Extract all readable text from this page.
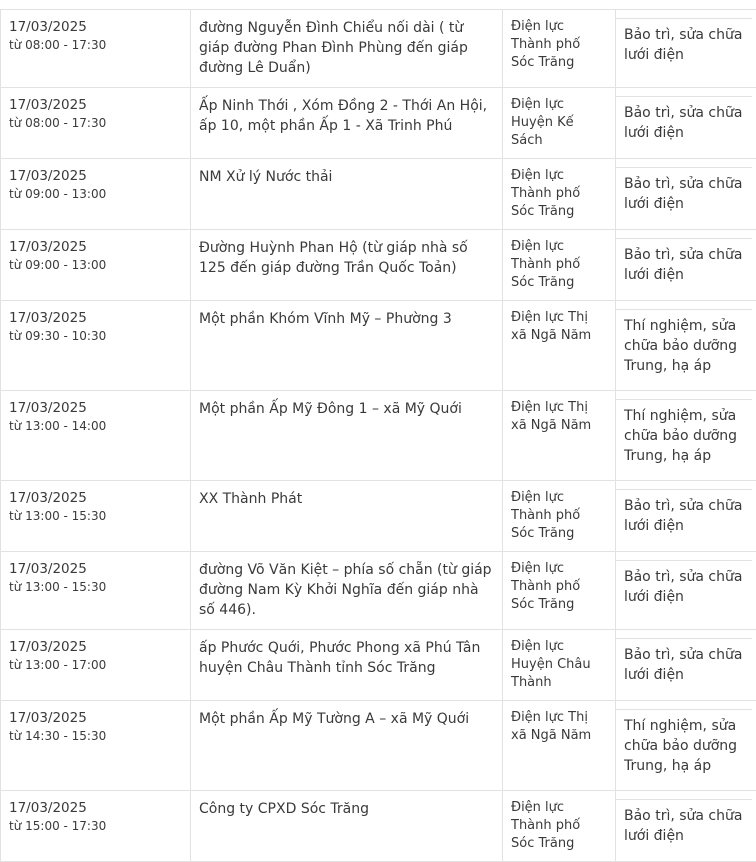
17/03/2025
từ 08:00 - 17:30	đường Nguyễn Đình Chiểu nối dài ( từ giáp đường Phan Đình Phùng đến giáp đường Lê Duẩn)	Điện lực Thành phố Sóc Trăng	Bảo trì, sửa chữa lưới điện

17/03/2025
từ 08:00 - 17:30	Ấp Ninh Thới , Xóm Đồng 2 - Thới An Hội, ấp 10, một phần Ấp 1 - Xã Trinh Phú	Điện lực Huyện Kế Sách	Bảo trì, sửa chữa lưới điện

17/03/2025
từ 09:00 - 13:00	NM Xử lý Nước thải	Điện lực Thành phố Sóc Trăng	Bảo trì, sửa chữa lưới điện

17/03/2025
từ 09:00 - 13:00	Đường Huỳnh Phan Hộ (từ giáp nhà số 125 đến giáp đường Trần Quốc Toản)	Điện lực Thành phố Sóc Trăng	Bảo trì, sửa chữa lưới điện

17/03/2025
từ 09:30 - 10:30	Một phần Khóm Vĩnh Mỹ – Phường 3	Điện lực Thị xã Ngã Năm	Thí nghiệm, sửa chữa bảo dưỡng Trung, hạ áp

17/03/2025
từ 13:00 - 14:00	Một phần Ấp Mỹ Đông 1 – xã Mỹ Quới	Điện lực Thị xã Ngã Năm	Thí nghiệm, sửa chữa bảo dưỡng Trung, hạ áp

17/03/2025
từ 13:00 - 15:30	XX Thành Phát	Điện lực Thành phố Sóc Trăng	Bảo trì, sửa chữa lưới điện

17/03/2025
từ 13:00 - 15:30	đường Võ Văn Kiệt – phía số chẵn (từ giáp đường Nam Kỳ Khởi Nghĩa đến giáp nhà số 446).	Điện lực Thành phố Sóc Trăng	Bảo trì, sửa chữa lưới điện

17/03/2025
từ 13:00 - 17:00	ấp Phước Quới, Phước Phong xã Phú Tân huyện Châu Thành tỉnh Sóc Trăng	Điện lực Huyện Châu Thành	Bảo trì, sửa chữa lưới điện

17/03/2025
từ 14:30 - 15:30	Một phần Ấp Mỹ Tường A – xã Mỹ Quới	Điện lực Thị xã Ngã Năm	Thí nghiệm, sửa chữa bảo dưỡng Trung, hạ áp

17/03/2025
từ 15:00 - 17:30	Công ty CPXD Sóc Trăng	Điện lực Thành phố Sóc Trăng	Bảo trì, sửa chữa lưới điện
